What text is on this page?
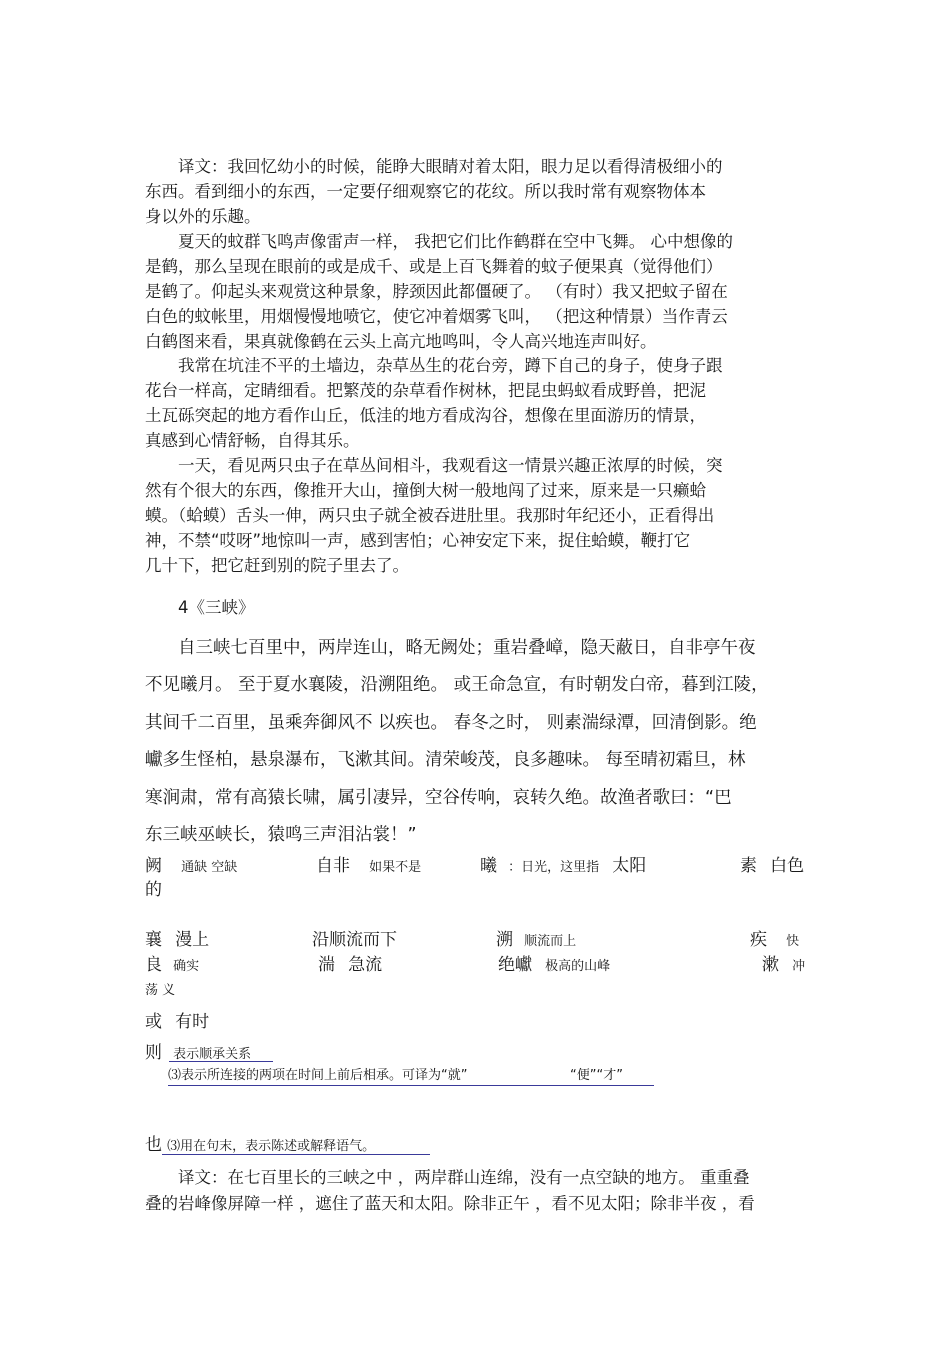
译文：我回忆幼小的时候，能睁大眼睛对着太阳，眼力足以看得清极细小的
东西。看到细小的东西，一定要仔细观察它的花纹。所以我时常有观察物体本
身以外的乐趣。
夏天的蚊群飞鸣声像雷声一样， 我把它们比作鹤群在空中飞舞。 心中想像的
是鹤，那么呈现在眼前的或是成千、或是上百飞舞着的蚊子便果真（觉得他们）
是鹤了。仰起头来观赏这种景象，脖颈因此都僵硬了。 （有时）我又把蚊子留在
白色的蚊帐里，用烟慢慢地喷它，使它冲着烟雾飞叫， （把这种情景）当作青云
白鹤图来看，果真就像鹤在云头上高亢地鸣叫，令人高兴地连声叫好。
我常在坑洼不平的土墙边，杂草丛生的花台旁，蹲下自己的身子，使身子跟
花台一样高，定睛细看。把繁茂的杂草看作树林，把昆虫蚂蚁看成野兽，把泥
土瓦砾突起的地方看作山丘，低洼的地方看成沟谷，想像在里面游历的情景，
真感到心情舒畅，自得其乐。
一天，看见两只虫子在草丛间相斗，我观看这一情景兴趣正浓厚的时候，突
然有个很大的东西，像推开大山，撞倒大树一般地闯了过来，原来是一只癞蛤
蟆。（蛤蟆）舌头一伸，两只虫子就全被吞进肚里。我那时年纪还小，正看得出
神，不禁“哎呀”地惊叫一声，感到害怕；心神安定下来，捉住蛤蟆，鞭打它
几十下，把它赶到别的院子里去了。
4《三峡》
自三峡七百里中，两岸连山，略无阙处；重岩叠嶂，隐天蔽日，自非亭午夜
不见曦月。 至于夏水襄陵，沿溯阻绝。 或王命急宣，有时朝发白帝，暮到江陵，
其间千二百里，虽乘奔御风不 以疾也。 春冬之时， 则素湍绿潭，回清倒影。绝
巘多生怪柏，悬泉瀑布，飞漱其间。清荣峻茂，良多趣味。 每至晴初霜旦，林
寒涧肃，常有高猿长啸，属引凄异，空谷传响，哀转久绝。故渔者歌曰：“巴
东三峡巫峡长，猿鸣三声泪沾裳！”
阙 通缺 空缺	自非 如果不是	曦 ：日光，这里指 太阳	素 白色
的
襄 漫上	沿顺流而下	溯 顺流而上	疾 快
良 确实	湍 急流	绝巘 极高的山峰	漱 冲
荡 义
或 有时
则 表示顺承关系
⑶表示所连接的两项在时间上前后相承。可译为“就”	“便”“才”
也 ⑶用在句末，表示陈述或解释语气。
译文：在七百里长的三峡之中 ，两岸群山连绵，没有一点空缺的地方。 重重叠
叠的岩峰像屏障一样 ，遮住了蓝天和太阳。除非正午 ，看不见太阳；除非半夜 ，看
